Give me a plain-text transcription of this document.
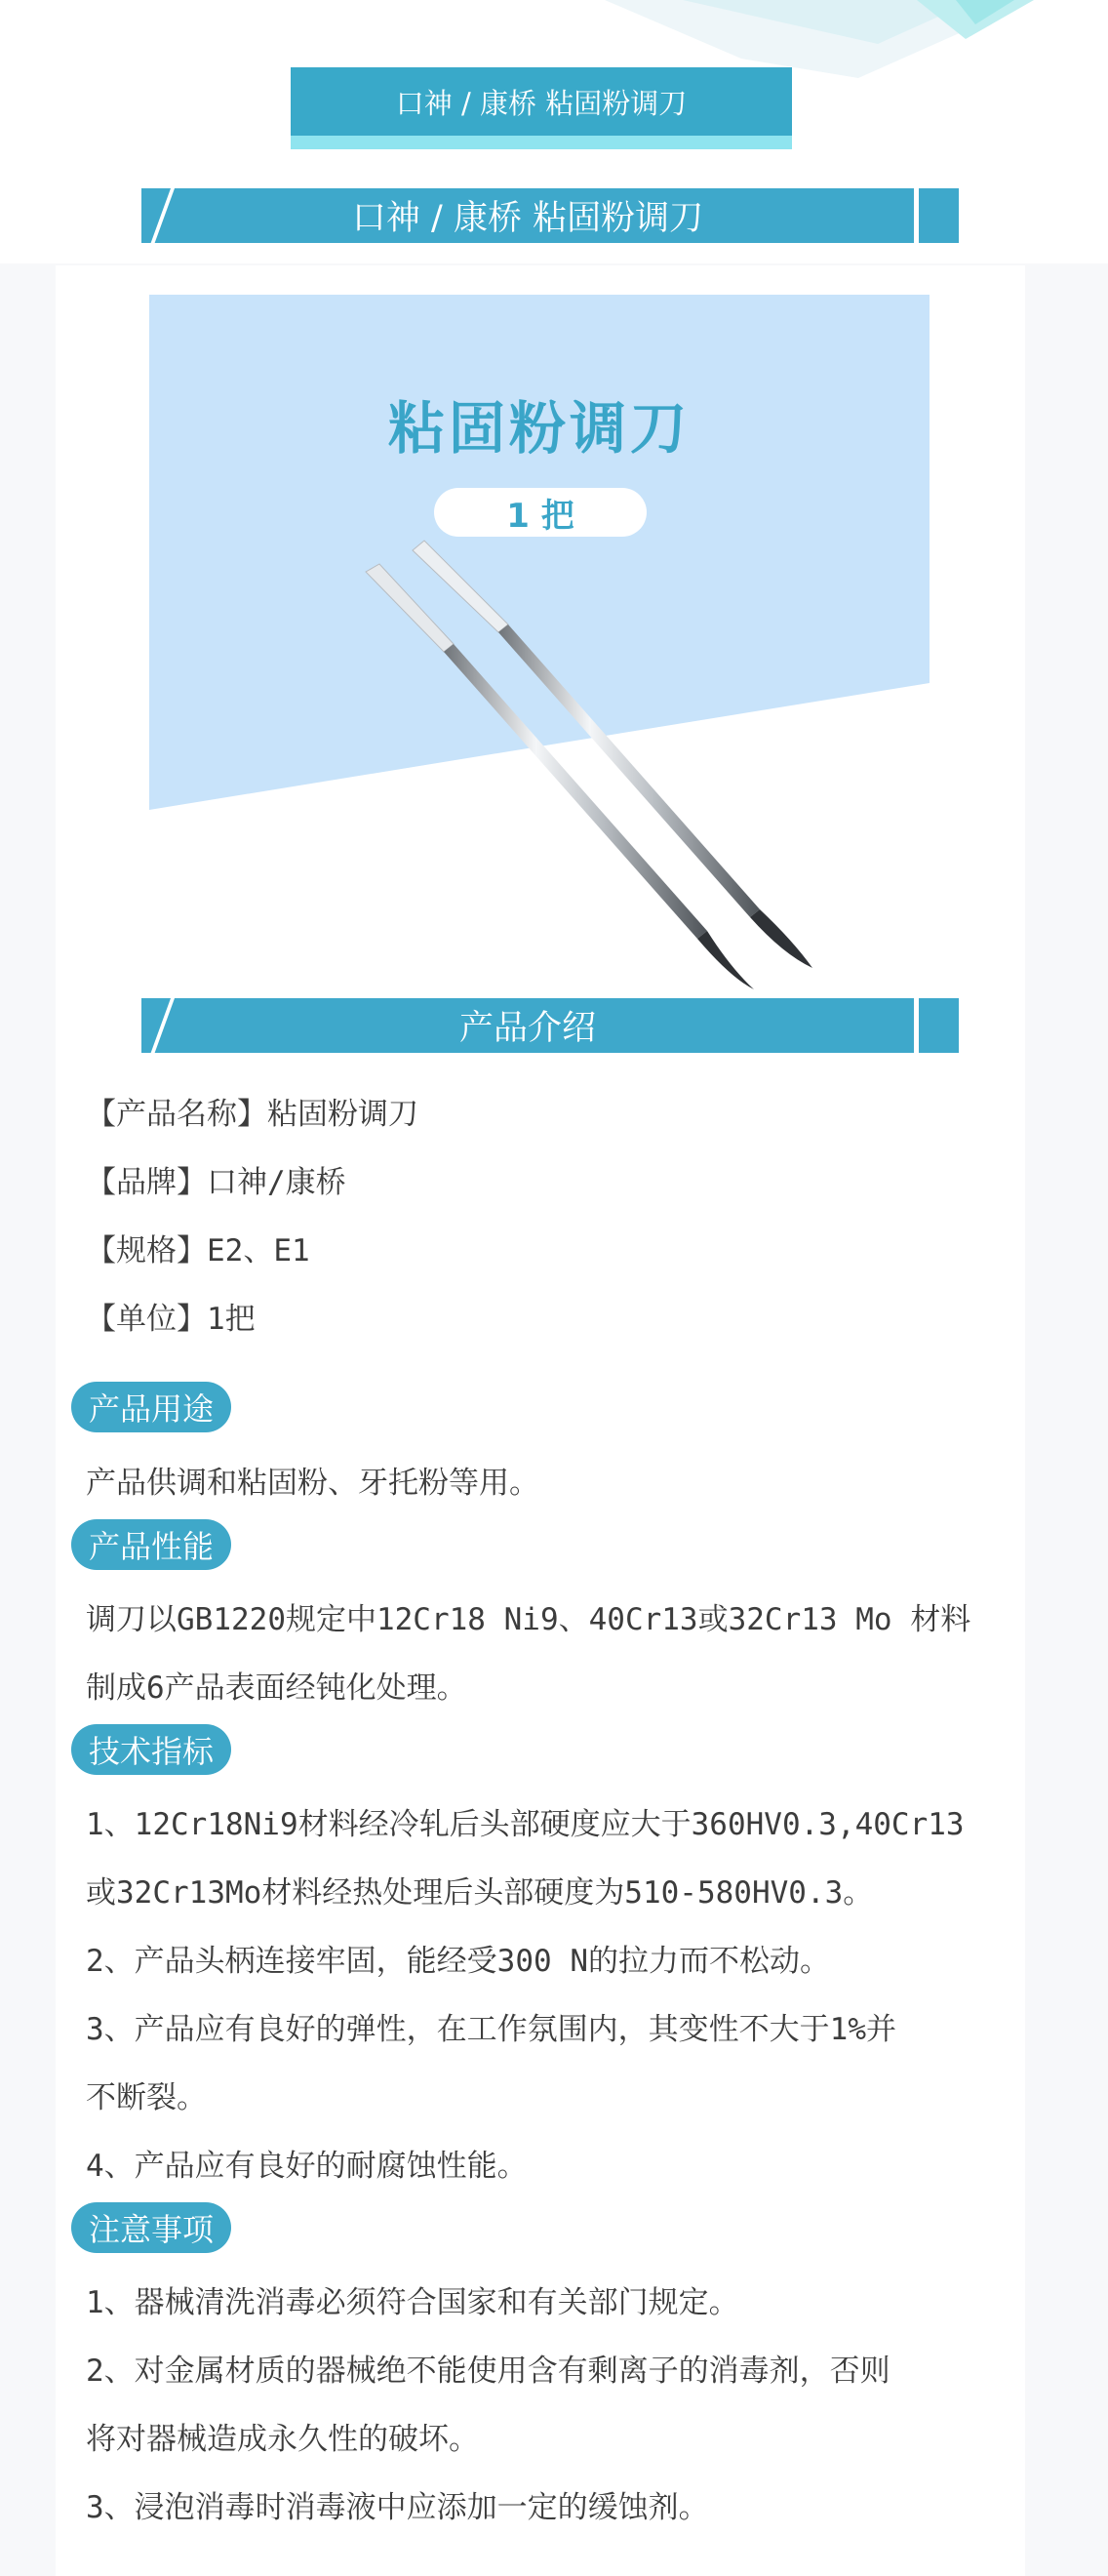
口神 / 康桥 粘固粉调刀
口神 / 康桥 粘固粉调刀
粘固粉调刀
1 把
产品介绍
【产品名称】粘固粉调刀
【品牌】口神/康桥
【规格】E2、E1
【单位】1把
产品用途
产品供调和粘固粉、牙托粉等用。
产品性能
调刀以GB1220规定中12Cr18 Ni9、40Cr13或32Cr13 Mo 材料
制成6产品表面经钝化处理。
技术指标
1、12Cr18Ni9材料经冷轧后头部硬度应大于360HV0.3,40Cr13
或32Cr13Mo材料经热处理后头部硬度为510-580HV0.3。
2、产品头柄连接牢固，能经受300 N的拉力而不松动。
3、产品应有良好的弹性，在工作氛围内，其变性不大于1%并
不断裂。
4、产品应有良好的耐腐蚀性能。
注意事项
1、器械清洗消毒必须符合国家和有关部门规定。
2、对金属材质的器械绝不能使用含有剩离子的消毒剂，否则
将对器械造成永久性的破坏。
3、浸泡消毒时消毒液中应添加一定的缓蚀剂。
